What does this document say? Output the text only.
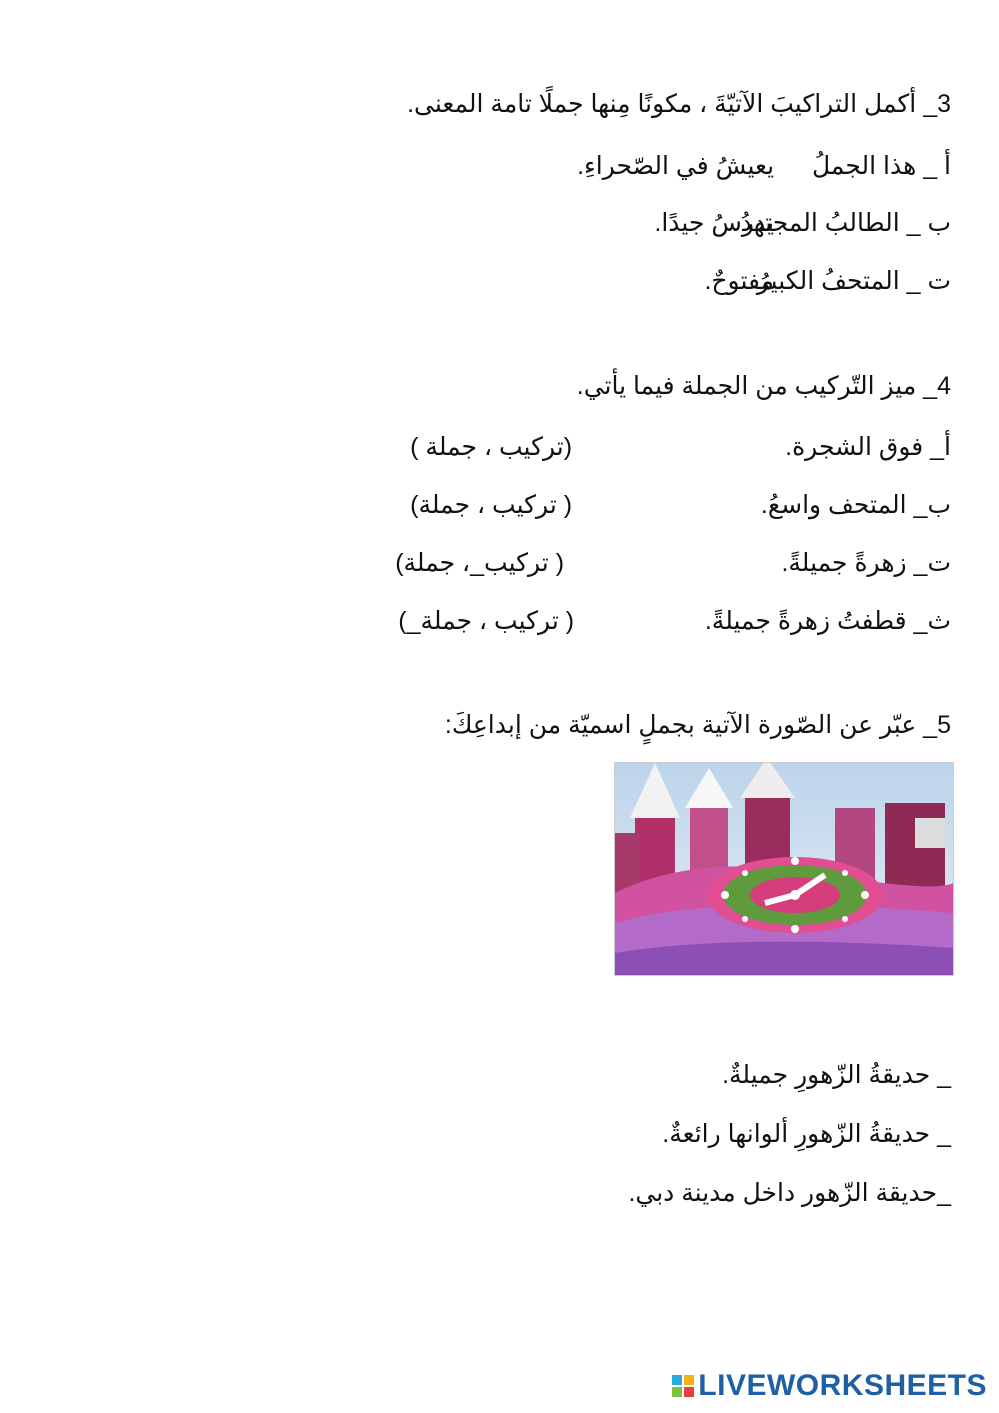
3_ أكمل التراكيبَ الآتيّةَ ، مكونًا مِنها جملًا تامة المعنى.
أ _ هذا الجملُ يعيشُ في الصّحراءِ.
ب _ الطالبُ المجتهدُ يدرسُ جيدًا.
ت _ المتحفُ الكبيرُ مفتوحٌ.
4_ ميز التّركيب من الجملة فيما يأتي.
أ_ فوق الشجرة. (تركيب ، جملة )
ب_ المتحف واسعُ. ( تركيب ، جملة)
ت_ زهرةً جميلةً. ( تركيب_، جملة)
ث_ قطفتُ زهرةً جميلةً. ( تركيب ، جملة_)
5_ عبّر عن الصّورة الآتية بجملٍ اسميّة من إبداعِكَ:
_ حديقةُ الزّهورِ جميلةٌ.
_ حديقةُ الزّهورِ ألوانها رائعةٌ.
_حديقة الزّهور داخل مدينة دبي.
LIVEWORKSHEETS
